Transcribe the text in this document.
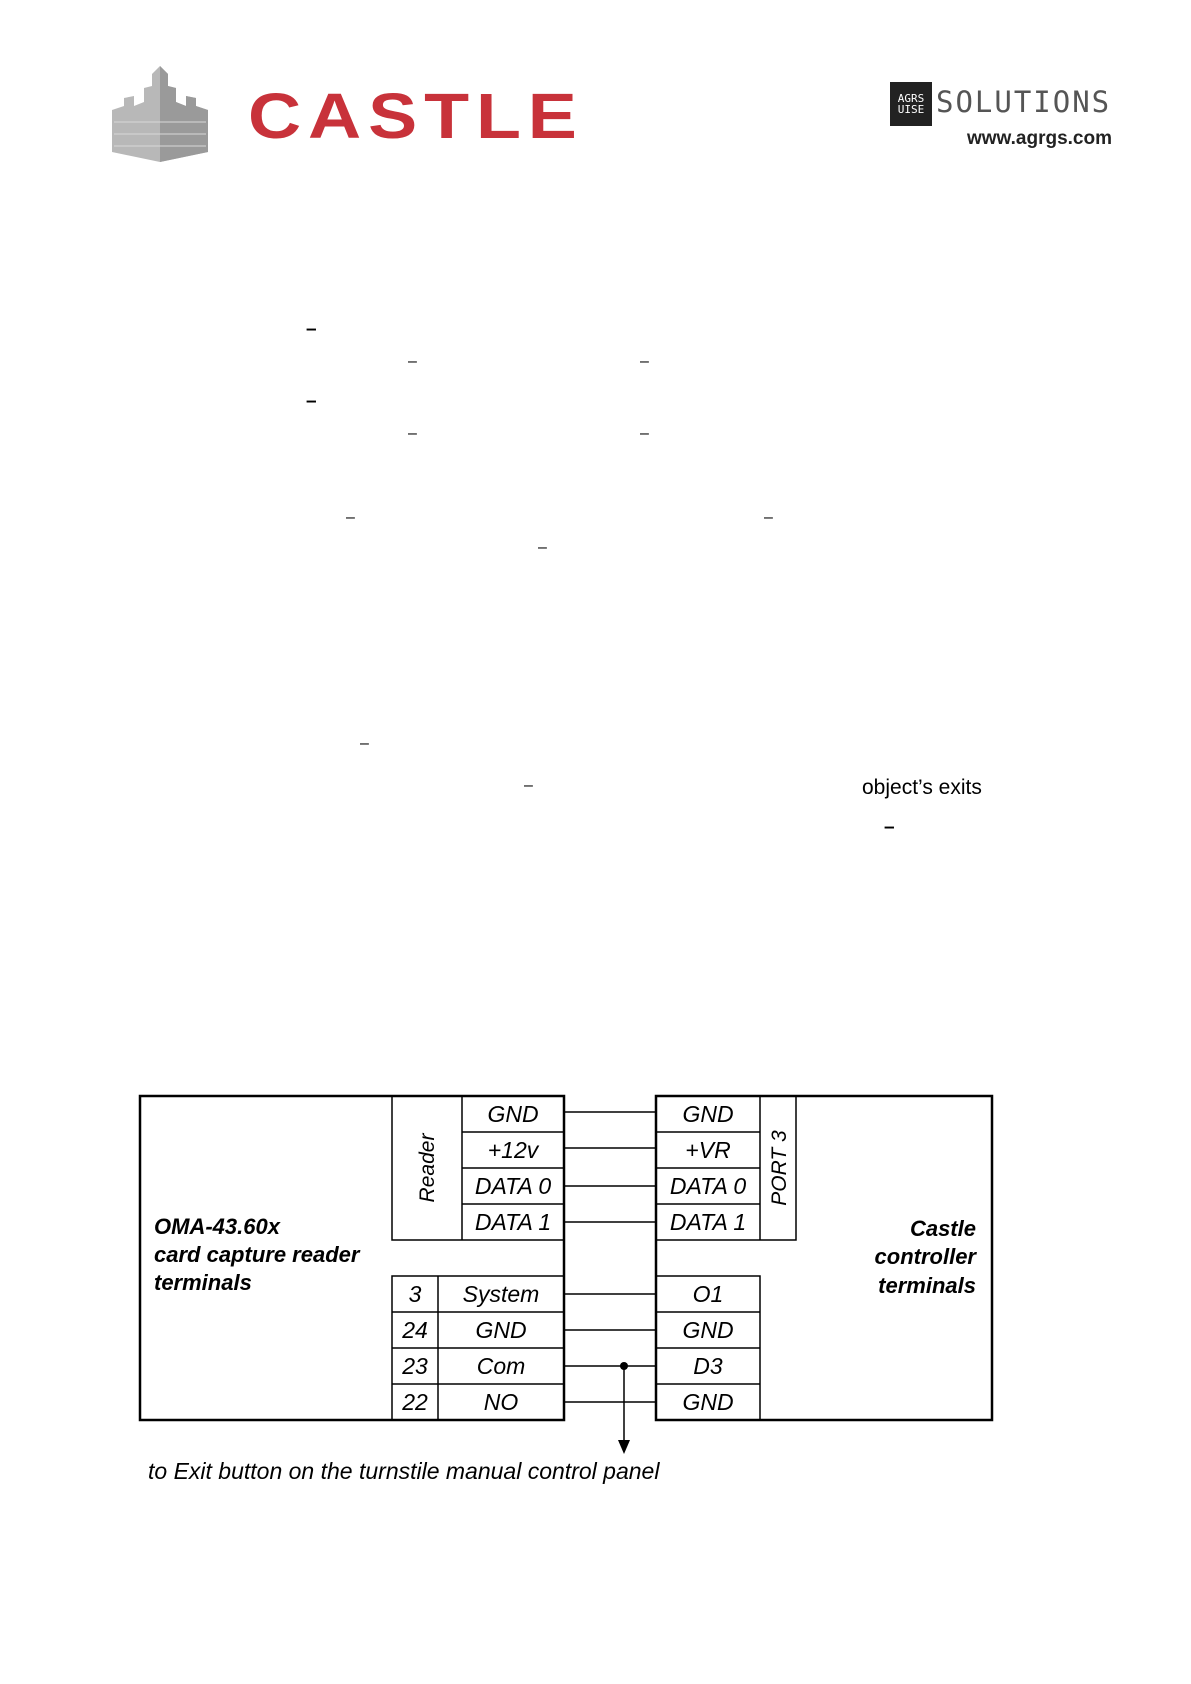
CASTLE	AGRS
UISE SOLUTIONS
www.agrgs.com
–
–	–
–
–	–
–	–
–
–
–	object’s exits
–
OMA-43.60x
card capture reader
terminals
Castle
controller
terminals
Reader	PORT 3
GND
+12v
DATA 0
DATA 1
GND
+VR
DATA 0
DATA 1
3 System
24 GND
23 Com
22 NO
O1
GND
D3
GND
to Exit button on the turnstile manual control panel
